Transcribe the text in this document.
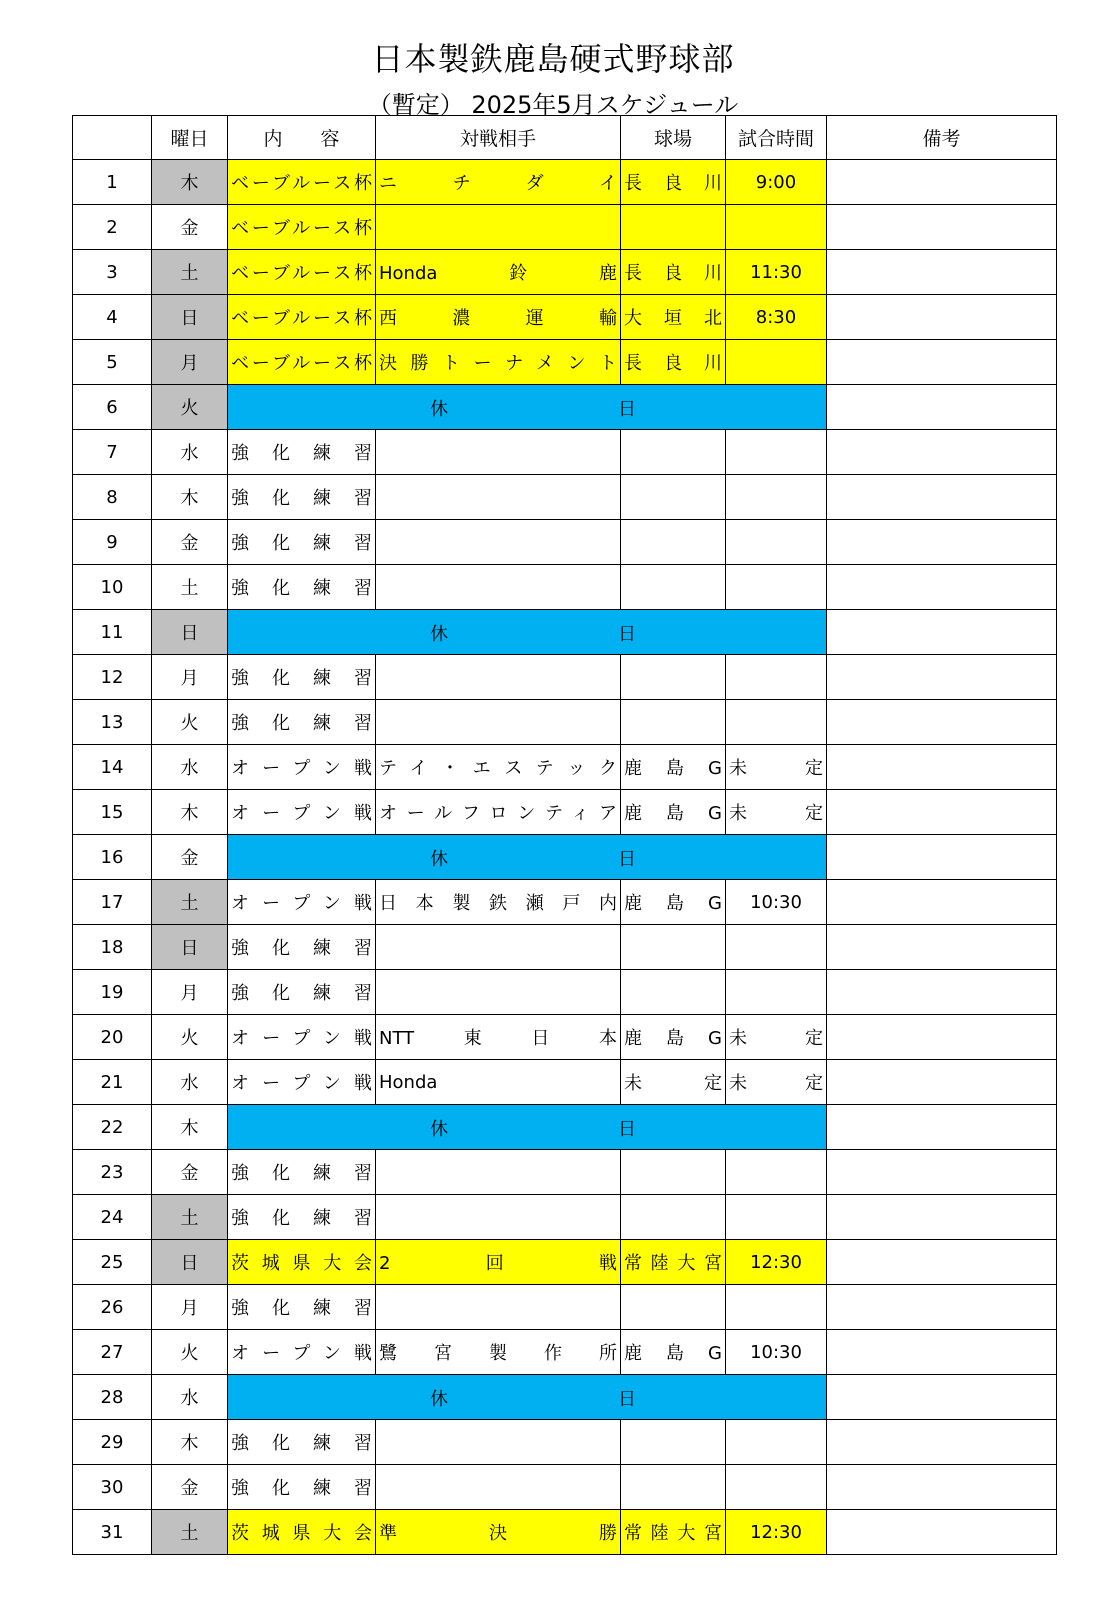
日本製鉄鹿島硬式野球部
（暫定） 2025年5月スケジュール
	曜日	内　　容	対戦相手	球場	試合時間	備考
1	木	ベーブルース杯	ニチダイ	長良川	9:00	
2	金	ベーブルース杯				
3	土	ベーブルース杯	Honda鈴鹿	長良川	11:30	
4	日	ベーブルース杯	西濃運輸	大垣北	8:30	
5	月	ベーブルース杯	決勝トーナメント	長良川		
6	火	休 日				

7	水	強化練習				
8	木	強化練習				
9	金	強化練習				
10	土	強化練習				
11	日	休 日				

12	月	強化練習				
13	火	強化練習				
14	水	オープン戦	テイ・エステック	鹿島G	未定	
15	木	オープン戦	オールフロンティア	鹿島G	未定	
16	金	休 日				

17	土	オープン戦	日本製鉄瀬戸内	鹿島G	10:30	
18	日	強化練習				
19	月	強化練習				
20	火	オープン戦	NTT東日本	鹿島G	未定	
21	水	オープン戦	Honda	未定	未定	
22	木	休 日				

23	金	強化練習				
24	土	強化練習				
25	日	茨城県大会	2回戦	常陸大宮	12:30	
26	月	強化練習				
27	火	オープン戦	鷺宮製作所	鹿島G	10:30	
28	水	休 日				

29	木	強化練習				
30	金	強化練習				
31	土	茨城県大会	準決勝	常陸大宮	12:30	
